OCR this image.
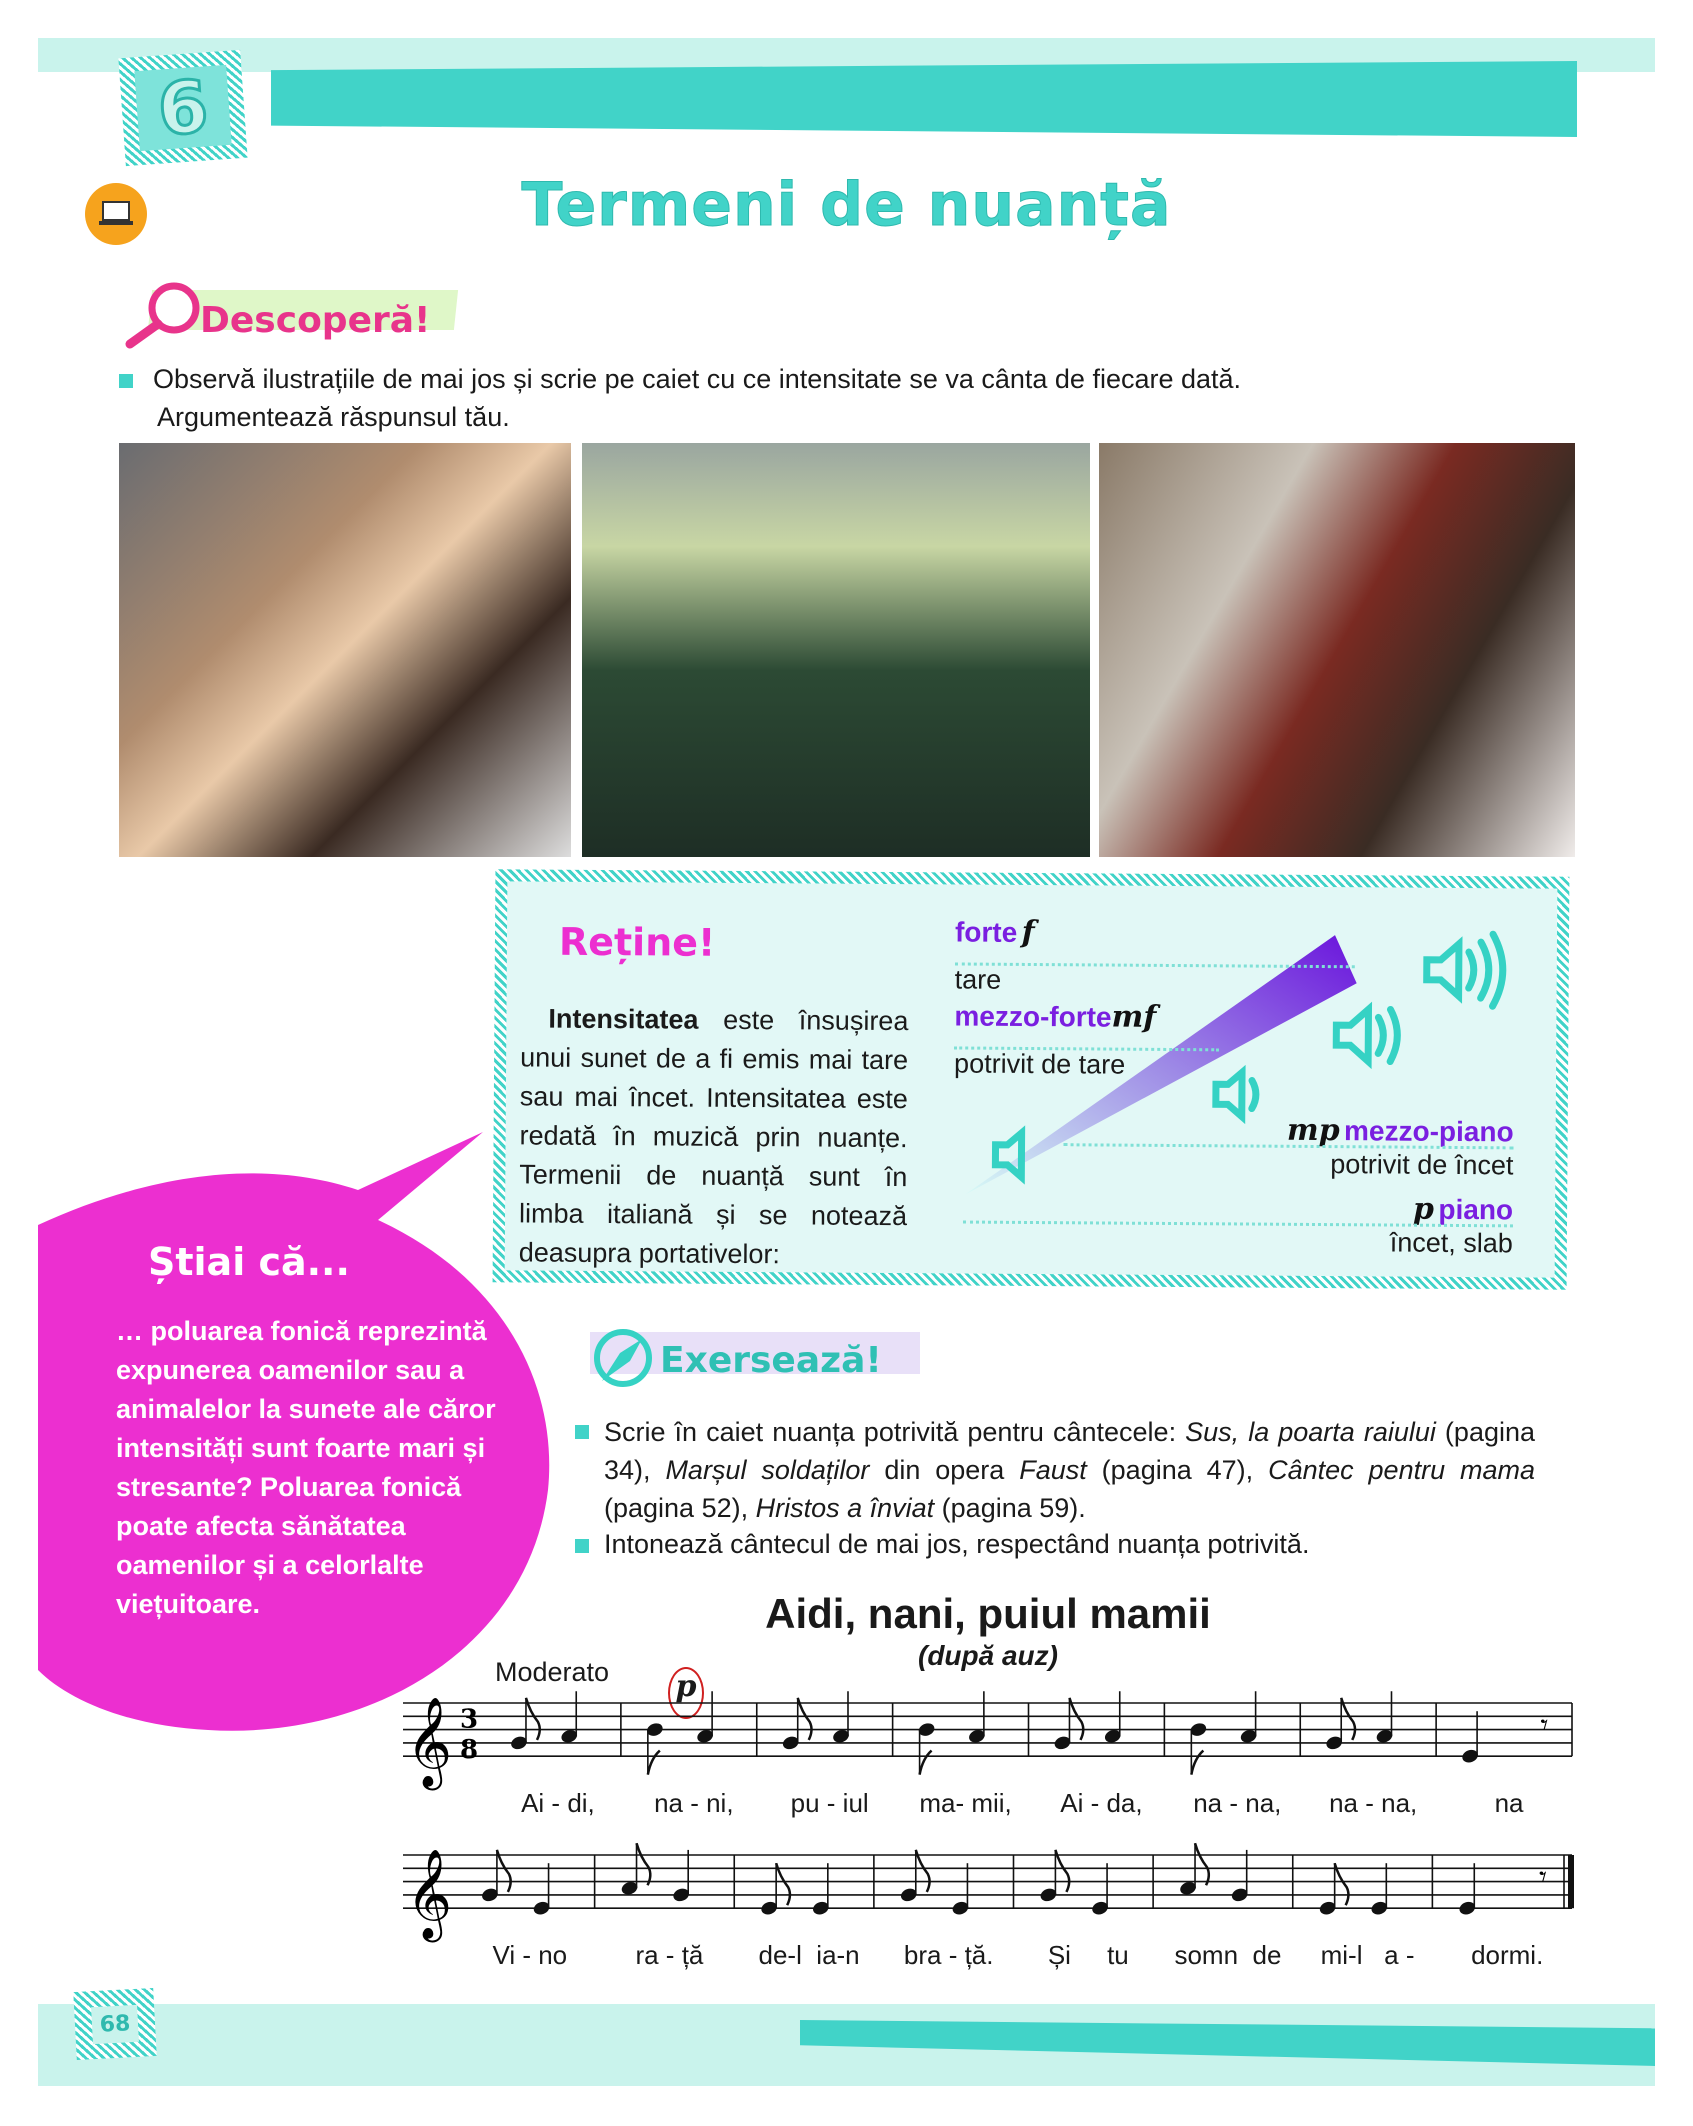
6
Termeni de nuanță
Descoperă!
Observă ilustrațiile de mai jos și scrie pe caiet cu ce intensitate se va cânta de fiecare dată.
Argumentează răspunsul tău.
Reține!
Intensitatea este însușirea unui sunet de a fi emis mai tare sau mai încet. Intensitatea este redată în muzică prin nuanțe. Termenii de nuanță sunt în limba italiană și se notează deasupra portativelor:
forte f
tare
mezzo-fortemf
potrivit de tare
mp mezzo-piano
potrivit de încet
p piano
încet, slab
Știai că...
… poluarea fonică reprezintă expunerea oamenilor sau a animalelor la sunete ale căror intensități sunt foarte mari și stresante? Poluarea fonică poate afecta sănătatea oamenilor și a celorlalte viețuitoare.
Exersează!
Scrie în caiet nuanța potrivită pentru cântecele: Sus, la poarta raiului (pagina 34), Marșul soldaților din opera Faust (pagina 47), Cântec pentru mama (pagina 52), Hristos a înviat (pagina 59).
Intonează cântecul de mai jos, respectând nuanța potrivită.
Aidi, nani, puiul mamii
(după auz)
Moderato p
𝄞 3
8
𝄾
Ai - di,	na - ni,	pu - iul	ma- mii,	Ai - da,	na - na,	na - na,	na
𝄞	𝄾
Vi - no	ra - ță	de-l  ia-n	bra - ță.	Și     tu	somn  de	mi-l   a -	dormi.
68
